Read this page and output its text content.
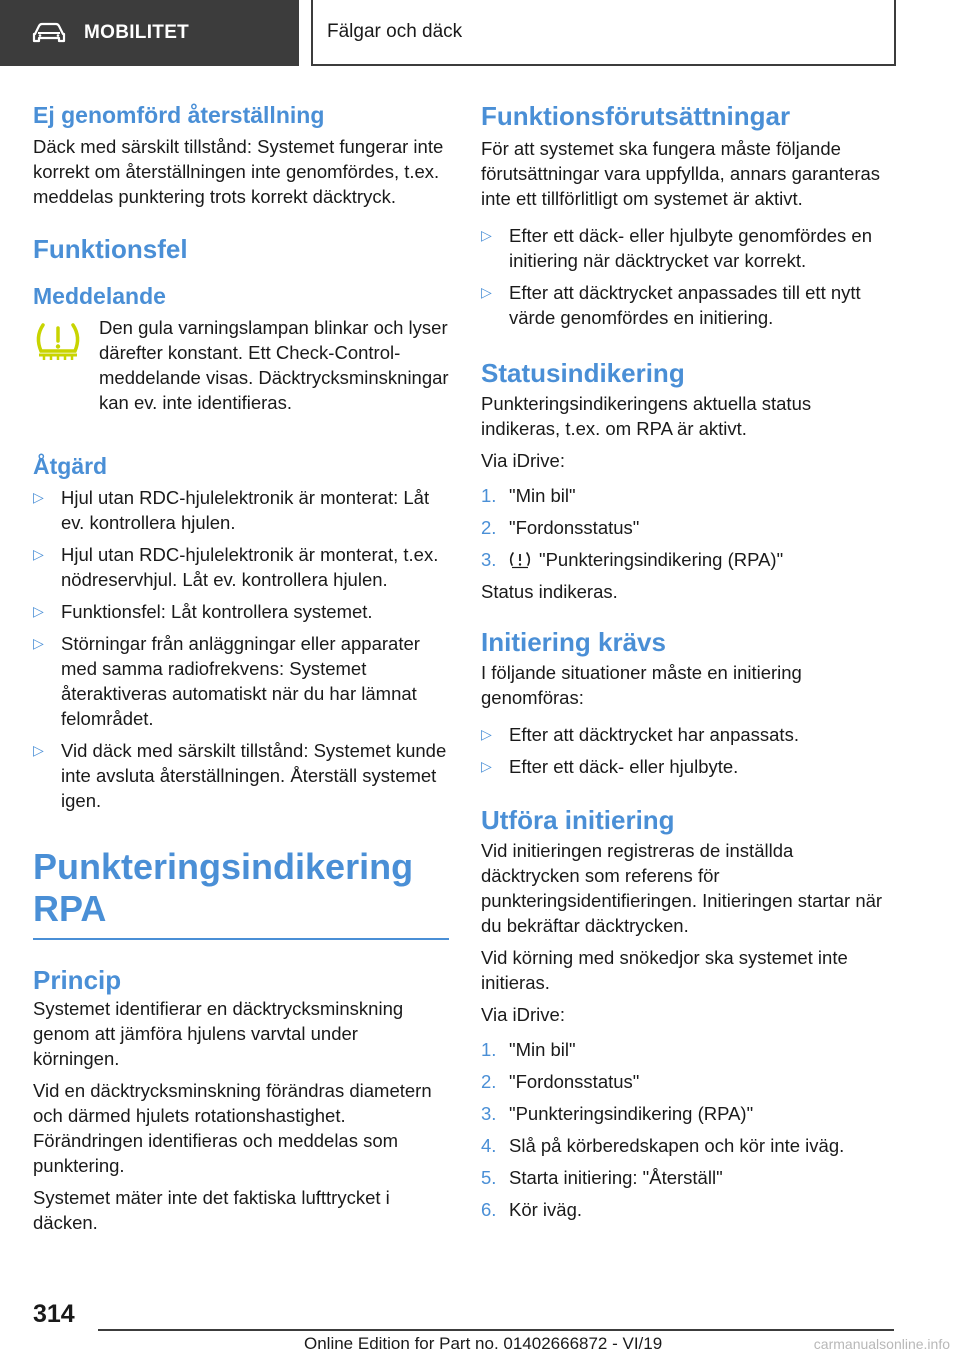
MOBILITET	Fälgar och däck
Ej genomförd återställning

Däck med särskilt tillstånd: Systemet fungerar inte korrekt om återställningen inte genomfördes, t.ex. meddelas punktering trots korrekt däcktryck.

Funktionsfel
Meddelande

Den gula varningslampan blinkar och lyser därefter konstant. Ett Check-Control-meddelande visas. Däcktrycksminskningar kan ev. inte identifieras.

Åtgärd
▷ Hjul utan RDC-hjulelektronik är monterat: Låt ev. kontrollera hjulen.
▷ Hjul utan RDC-hjulelektronik är monterat, t.ex. nödreservhjul. Låt ev. kontrollera hjulen.
▷ Funktionsfel: Låt kontrollera systemet.
▷ Störningar från anläggningar eller apparater med samma radiofrekvens: Systemet återaktiveras automatiskt när du har lämnat felområdet.
▷ Vid däck med särskilt tillstånd: Systemet kunde inte avsluta återställningen. Återställ systemet igen.
Punkteringsindikering RPA
Princip

Systemet identifierar en däcktrycksminskning genom att jämföra hjulens varvtal under körningen.

Vid en däcktrycksminskning förändras diametern och därmed hjulets rotationshastighet. Förändringen identifieras och meddelas som punktering.

Systemet mäter inte det faktiska lufttrycket i däcken.

Funktionsförutsättningar

För att systemet ska fungera måste följande förutsättningar vara uppfyllda, annars garanteras inte ett tillförlitligt om systemet är aktivt.

▷ Efter ett däck- eller hjulbyte genomfördes en initiering när däcktrycket var korrekt.
▷ Efter att däcktrycket anpassades till ett nytt värde genomfördes en initiering.
Statusindikering

Punkteringsindikeringens aktuella status indikeras, t.ex. om RPA är aktivt.

Via iDrive:

1. "Min bil"
2. "Fordonsstatus"
3. "Punkteringsindikering (RPA)"

Status indikeras.

Initiering krävs

I följande situationer måste en initiering genomföras:

▷ Efter att däcktrycket har anpassats.
▷ Efter ett däck- eller hjulbyte.
Utföra initiering

Vid initieringen registreras de inställda däcktrycken som referens för punkteringsidentifieringen. Initieringen startar när du bekräftar däcktrycken.

Vid körning med snökedjor ska systemet inte initieras.

Via iDrive:

1. "Min bil"
2. "Fordonsstatus"
3. "Punkteringsindikering (RPA)"
4. Slå på körberedskapen och kör inte iväg.
5. Starta initiering: "Återställ"
6. Kör iväg.
314
Online Edition for Part no. 01402666872 - VI/19	carmanualsonline.info
